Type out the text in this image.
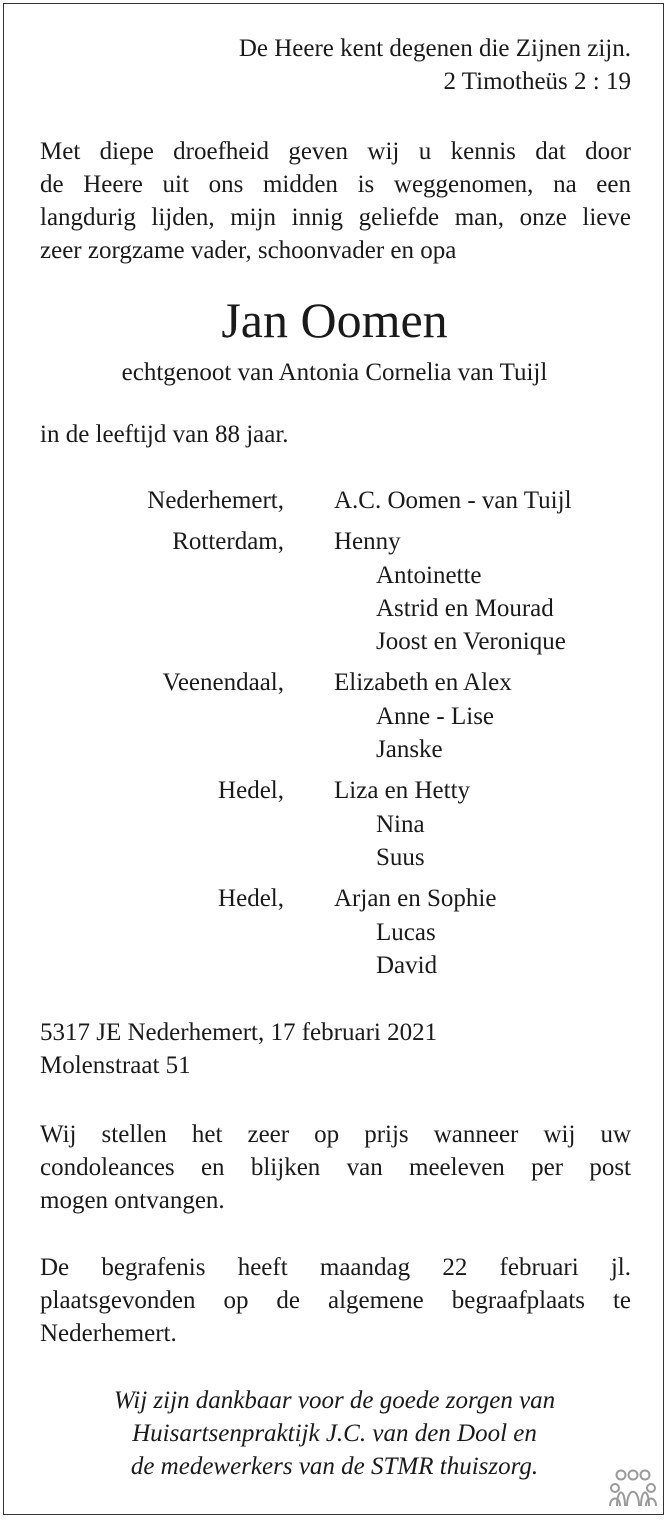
De Heere kent degenen die Zijnen zijn.
2 Timotheüs 2 : 19
Met diepe droefheid geven wij u kennis dat door
de Heere uit ons midden is weggenomen, na een
langdurig lijden, mijn innig geliefde man, onze lieve
zeer zorgzame vader, schoonvader en opa
Jan Oomen
echtgenoot van Antonia Cornelia van Tuijl
in de leeftijd van 88 jaar.
Nederhemert, A.C. Oomen - van Tuijl
Rotterdam, Henny
Antoinette
Astrid en Mourad
Joost en Veronique
Veenendaal, Elizabeth en Alex
Anne - Lise
Janske
Hedel, Liza en Hetty
Nina
Suus
Hedel, Arjan en Sophie
Lucas
David
5317 JE Nederhemert, 17 februari 2021
Molenstraat 51
Wij stellen het zeer op prijs wanneer wij uw
condoleances en blijken van meeleven per post
mogen ontvangen.
De begrafenis heeft maandag 22 februari jl.
plaatsgevonden op de algemene begraafplaats te
Nederhemert.
Wij zijn dankbaar voor de goede zorgen van
Huisartsenpraktijk J.C. van den Dool en
de medewerkers van de STMR thuiszorg.
